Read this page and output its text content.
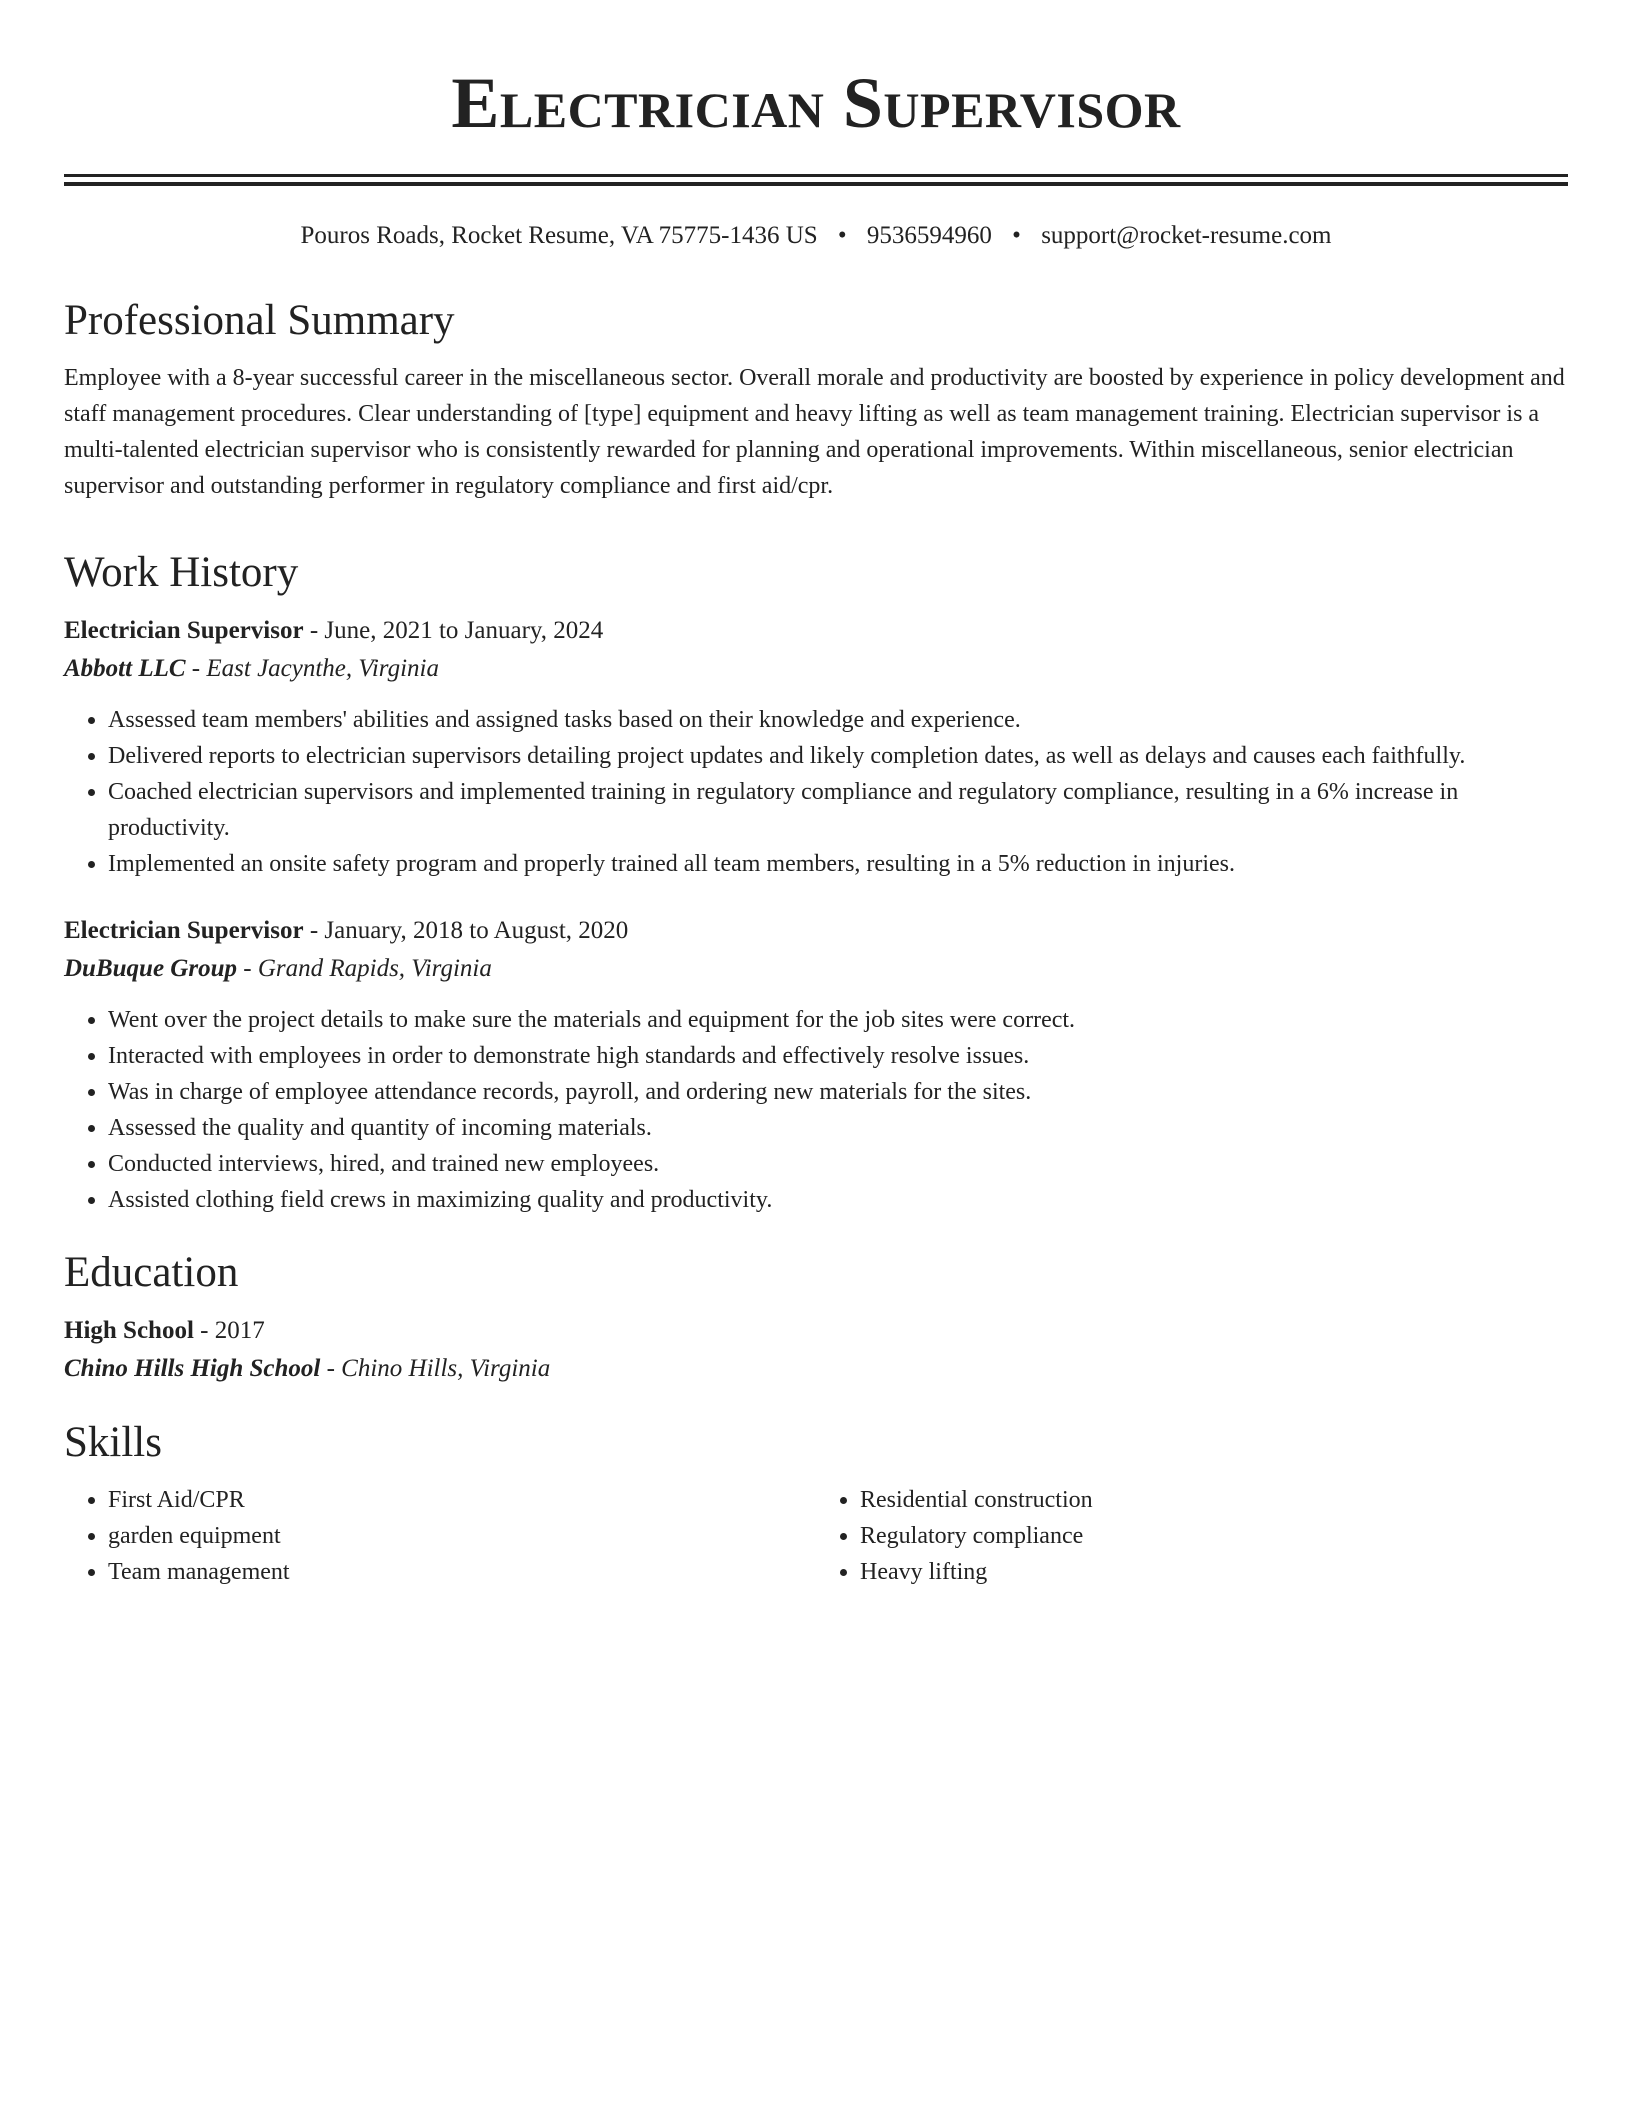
Electrician Supervisor
Pouros Roads, Rocket Resume, VA 75775-1436 US • 9536594960 • support@rocket-resume.com
Professional Summary

Employee with a 8-year successful career in the miscellaneous sector. Overall morale and productivity are boosted by experience in policy development and staff management procedures. Clear understanding of [type] equipment and heavy lifting as well as team management training. Electrician supervisor is a multi-talented electrician supervisor who is consistently rewarded for planning and operational improvements. Within miscellaneous, senior electrician supervisor and outstanding performer in regulatory compliance and first aid/cpr.

Work History
Electrician Supervisor - June, 2021 to January, 2024
Abbott LLC - East Jacynthe, Virginia
• Assessed team members' abilities and assigned tasks based on their knowledge and experience.
• Delivered reports to electrician supervisors detailing project updates and likely completion dates, as well as delays and causes each faithfully.
• Coached electrician supervisors and implemented training in regulatory compliance and regulatory compliance, resulting in a 6% increase in productivity.
• Implemented an onsite safety program and properly trained all team members, resulting in a 5% reduction in injuries.
Electrician Supervisor - January, 2018 to August, 2020
DuBuque Group - Grand Rapids, Virginia
• Went over the project details to make sure the materials and equipment for the job sites were correct.
• Interacted with employees in order to demonstrate high standards and effectively resolve issues.
• Was in charge of employee attendance records, payroll, and ordering new materials for the sites.
• Assessed the quality and quantity of incoming materials.
• Conducted interviews, hired, and trained new employees.
• Assisted clothing field crews in maximizing quality and productivity.
Education
High School - 2017
Chino Hills High School - Chino Hills, Virginia
Skills
• First Aid/CPR
• garden equipment
• Team management
• Residential construction
• Regulatory compliance
• Heavy lifting
